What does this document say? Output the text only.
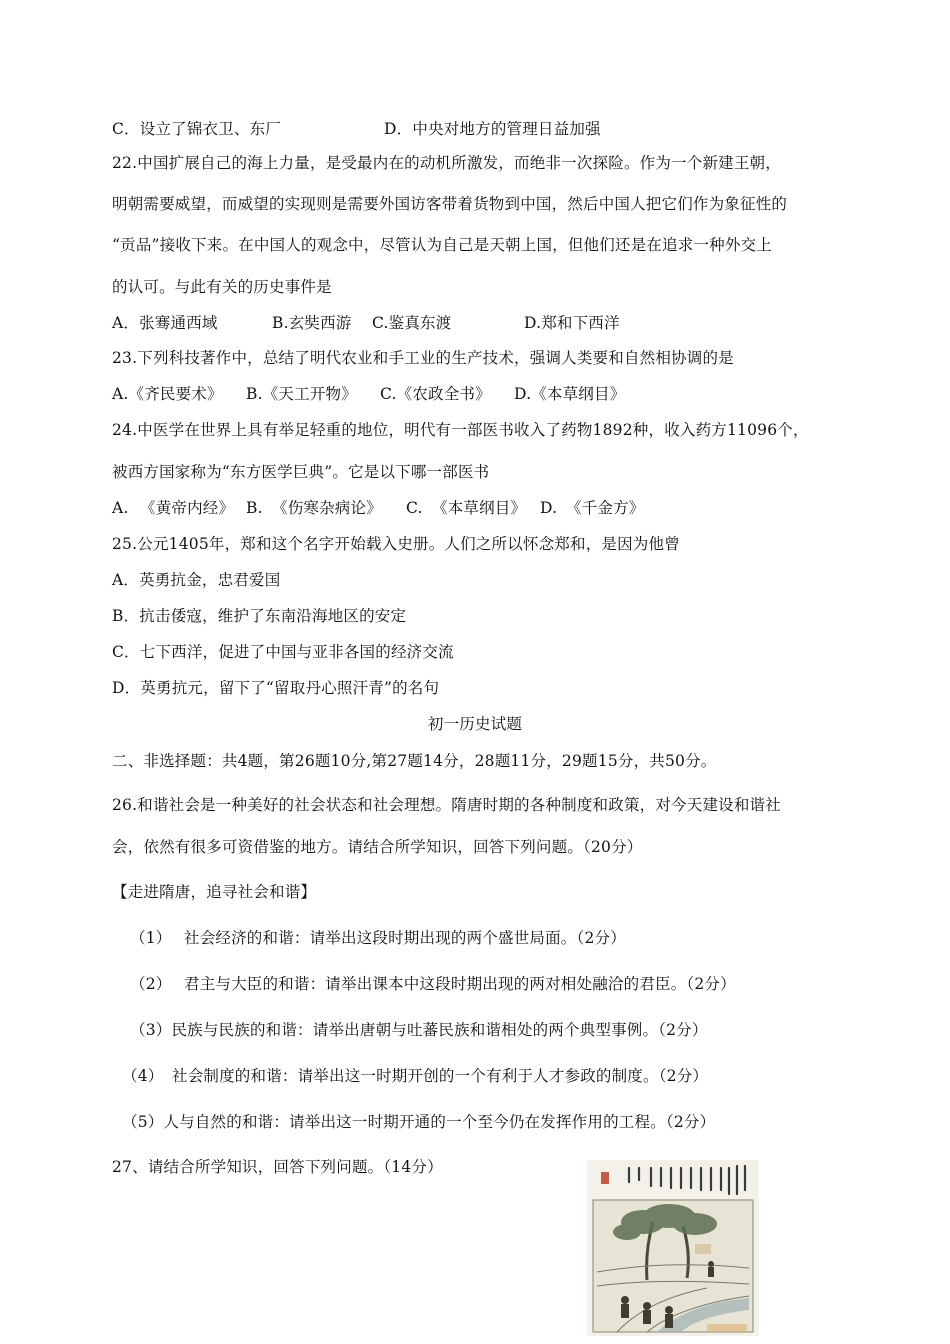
C．设立了锦衣卫、东厂	D．中央对地方的管理日益加强
22.中国扩展自己的海上力量，是受最内在的动机所激发，而绝非一次探险。作为一个新建王朝，
明朝需要威望，而威望的实现则是需要外国访客带着货物到中国，然后中国人把它们作为象征性的
“贡品”接收下来。在中国人的观念中，尽管认为自己是天朝上国，但他们还是在追求一种外交上
的认可。与此有关的历史事件是
A．张骞通西域	B.玄奘西游 C.鉴真东渡	D.郑和下西洋
23.下列科技著作中，总结了明代农业和手工业的生产技术，强调人类要和自然相协调的是
A.《齐民要术》 B.《天工开物》 C.《农政全书》 D.《本草纲目》
24.中医学在世界上具有举足轻重的地位，明代有一部医书收入了药物1892种，收入药方11096个，
被西方国家称为“东方医学巨典”。它是以下哪一部医书
A. 《黄帝内经》 B. 《伤寒杂病论》 C. 《本草纲目》 D. 《千金方》
25.公元1405年，郑和这个名字开始载入史册。人们之所以怀念郑和，是因为他曾
A．英勇抗金，忠君爱国
B．抗击倭寇，维护了东南沿海地区的安定
C．七下西洋，促进了中国与亚非各国的经济交流
D．英勇抗元，留下了“留取丹心照汗青”的名句
初一历史试题
二、非选择题：共4题，第26题10分,第27题14分，28题11分，29题15分，共50分。
26.和谐社会是一种美好的社会状态和社会理想。隋唐时期的各种制度和政策，对今天建设和谐社
会，依然有很多可资借鉴的地方。请结合所学知识，回答下列问题。（20分）
【走进隋唐，追寻社会和谐】
（1） 社会经济的和谐：请举出这段时期出现的两个盛世局面。（2分）
（2） 君主与大臣的和谐：请举出课本中这段时期出现的两对相处融洽的君臣。（2分）
（3）民族与民族的和谐：请举出唐朝与吐蕃民族和谐相处的两个典型事例。（2分）
（4） 社会制度的和谐：请举出这一时期开创的一个有利于人才参政的制度。（2分）
（5）人与自然的和谐：请举出这一时期开通的一个至今仍在发挥作用的工程。（2分）
27、请结合所学知识，回答下列问题。（14分）
